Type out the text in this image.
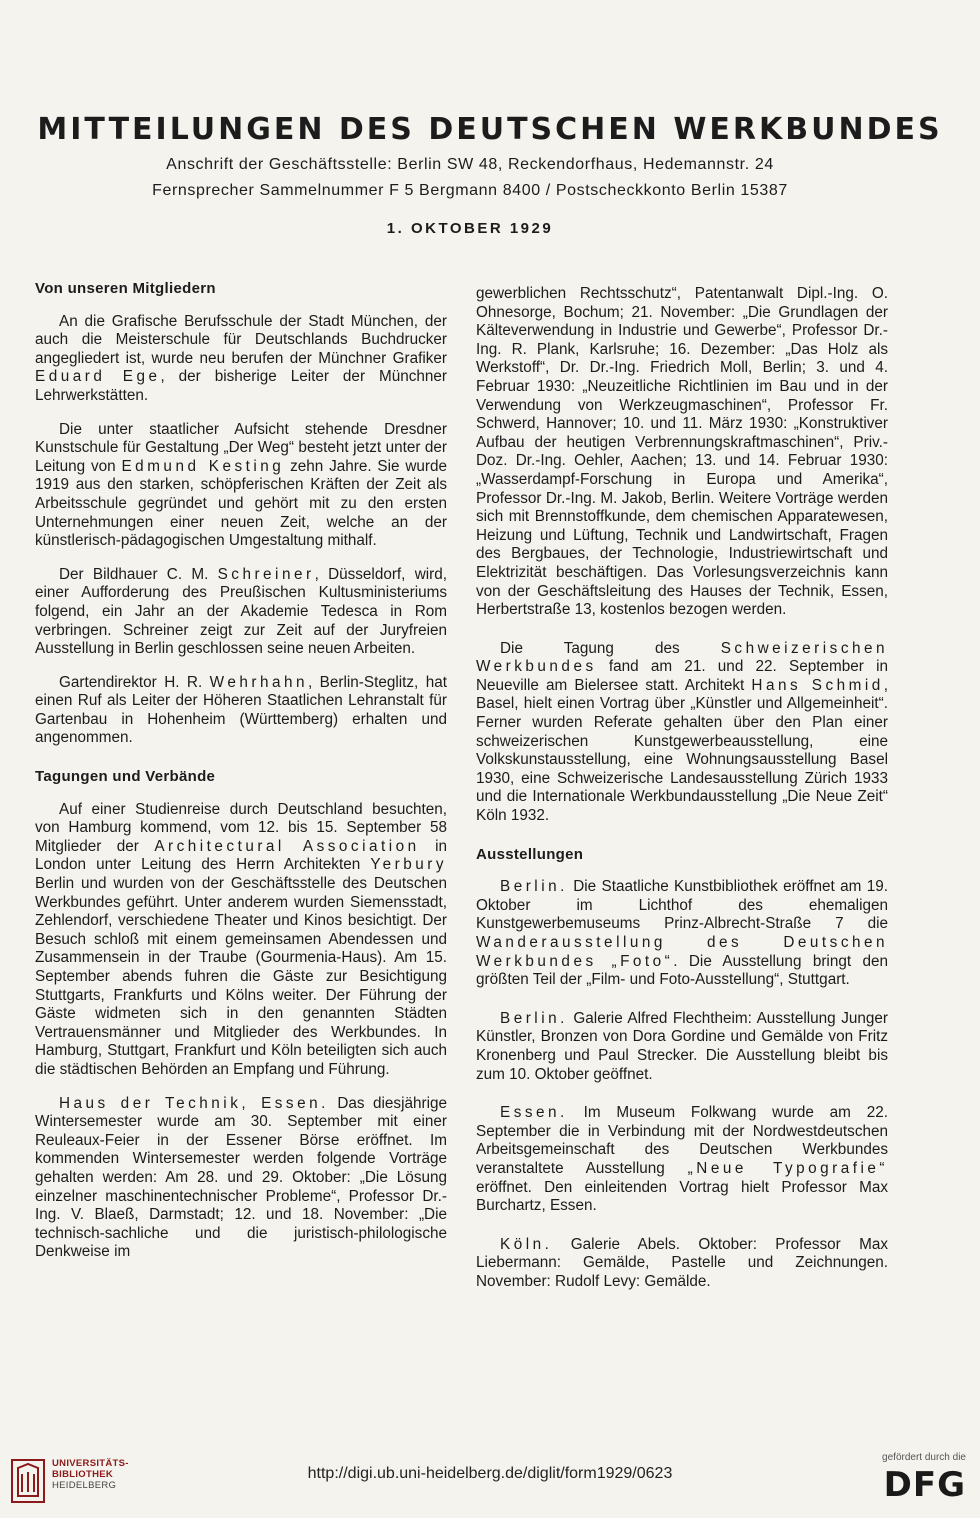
MITTEILUNGEN DES DEUTSCHEN WERKBUNDES

Anschrift der Geschäftsstelle: Berlin SW 48, Reckendorfhaus, Hedemannstr. 24

Fernsprecher Sammelnummer F 5 Bergmann 8400 / Postscheckkonto Berlin 15387

1. OKTOBER 1929

Von unseren Mitgliedern

An die Grafische Berufsschule der Stadt München, der auch die Meisterschule für Deutschlands Buchdrucker angegliedert ist, wurde neu berufen der Münchner Grafiker Eduard Ege, der bisherige Leiter der Münchner Lehrwerkstätten.

Die unter staatlicher Aufsicht stehende Dresdner Kunstschule für Gestaltung „Der Weg“ besteht jetzt unter der Leitung von Edmund Kesting zehn Jahre. Sie wurde 1919 aus den starken, schöpferischen Kräften der Zeit als Arbeitsschule gegründet und gehört mit zu den ersten Unternehmungen einer neuen Zeit, welche an der künstlerisch-pädagogischen Umgestaltung mithalf.

Der Bildhauer C. M. Schreiner, Düsseldorf, wird, einer Aufforderung des Preußischen Kultusministeriums folgend, ein Jahr an der Akademie Tedesca in Rom verbringen. Schreiner zeigt zur Zeit auf der Juryfreien Ausstellung in Berlin geschlossen seine neuen Arbeiten.

Gartendirektor H. R. Wehrhahn, Berlin-Steglitz, hat einen Ruf als Leiter der Höheren Staatlichen Lehranstalt für Gartenbau in Hohenheim (Württemberg) erhalten und angenommen.

Tagungen und Verbände

Auf einer Studienreise durch Deutschland besuchten, von Hamburg kommend, vom 12. bis 15. September 58 Mitglieder der Architectural Association in London unter Leitung des Herrn Architekten Yerbury Berlin und wurden von der Geschäftsstelle des Deutschen Werkbundes geführt. Unter anderem wurden Siemensstadt, Zehlendorf, verschiedene Theater und Kinos besichtigt. Der Besuch schloß mit einem gemeinsamen Abendessen und Zusammensein in der Traube (Gourmenia-Haus). Am 15. September abends fuhren die Gäste zur Besichtigung Stuttgarts, Frankfurts und Kölns weiter. Der Führung der Gäste widmeten sich in den genannten Städten Vertrauensmänner und Mitglieder des Werkbundes. In Hamburg, Stuttgart, Frankfurt und Köln beteiligten sich auch die städtischen Behörden an Empfang und Führung.

Haus der Technik, Essen. Das diesjährige Wintersemester wurde am 30. September mit einer Reuleaux-Feier in der Essener Börse eröffnet. Im kommenden Wintersemester werden folgende Vorträge gehalten werden: Am 28. und 29. Oktober: „Die Lösung einzelner maschinentechnischer Probleme“, Professor Dr.-Ing. V. Blaeß, Darmstadt; 12. und 18. November: „Die technisch-sachliche und die juristisch-philologische Denkweise im

gewerblichen Rechtsschutz“, Patentanwalt Dipl.-Ing. O. Ohnesorge, Bochum; 21. November: „Die Grundlagen der Kälteverwendung in Industrie und Gewerbe“, Professor Dr.-Ing. R. Plank, Karlsruhe; 16. Dezember: „Das Holz als Werkstoff“, Dr. Dr.-Ing. Friedrich Moll, Berlin; 3. und 4. Februar 1930: „Neuzeitliche Richtlinien im Bau und in der Verwendung von Werkzeugmaschinen“, Professor Fr. Schwerd, Hannover; 10. und 11. März 1930: „Konstruktiver Aufbau der heutigen Verbrennungskraftmaschinen“, Priv.-Doz. Dr.-Ing. Oehler, Aachen; 13. und 14. Februar 1930: „Wasserdampf-Forschung in Europa und Amerika“, Professor Dr.-Ing. M. Jakob, Berlin. Weitere Vorträge werden sich mit Brennstoffkunde, dem chemischen Apparatewesen, Heizung und Lüftung, Technik und Landwirtschaft, Fragen des Bergbaues, der Technologie, Industriewirtschaft und Elektrizität beschäftigen. Das Vorlesungsverzeichnis kann von der Geschäftsleitung des Hauses der Technik, Essen, Herbertstraße 13, kostenlos bezogen werden.

Die Tagung des Schweizerischen Werkbundes fand am 21. und 22. September in Neueville am Bielersee statt. Architekt Hans Schmid, Basel, hielt einen Vortrag über „Künstler und Allgemeinheit“. Ferner wurden Referate gehalten über den Plan einer schweizerischen Kunstgewerbeausstellung, eine Volkskunstausstellung, eine Wohnungsausstellung Basel 1930, eine Schweizerische Landesausstellung Zürich 1933 und die Internationale Werkbundausstellung „Die Neue Zeit“ Köln 1932.

Ausstellungen

Berlin. Die Staatliche Kunstbibliothek eröffnet am 19. Oktober im Lichthof des ehemaligen Kunstgewerbemuseums Prinz-Albrecht-Straße 7 die Wanderausstellung des Deutschen Werkbundes „Foto“. Die Ausstellung bringt den größten Teil der „Film- und Foto-Ausstellung“, Stuttgart.

Berlin. Galerie Alfred Flechtheim: Ausstellung Junger Künstler, Bronzen von Dora Gordine und Gemälde von Fritz Kronenberg und Paul Strecker. Die Ausstellung bleibt bis zum 10. Oktober geöffnet.

Essen. Im Museum Folkwang wurde am 22. September die in Verbindung mit der Nordwestdeutschen Arbeitsgemeinschaft des Deutschen Werkbundes veranstaltete Ausstellung „Neue Typografie“ eröffnet. Den einleitenden Vortrag hielt Professor Max Burchartz, Essen.

Köln. Galerie Abels. Oktober: Professor Max Liebermann: Gemälde, Pastelle und Zeichnungen. November: Rudolf Levy: Gemälde.

UNIVERSITÄTS-
BIBLIOTHEK
HEIDELBERG
http://digi.ub.uni-heidelberg.de/diglit/form1929/0623
gefördert durch die
DFG
